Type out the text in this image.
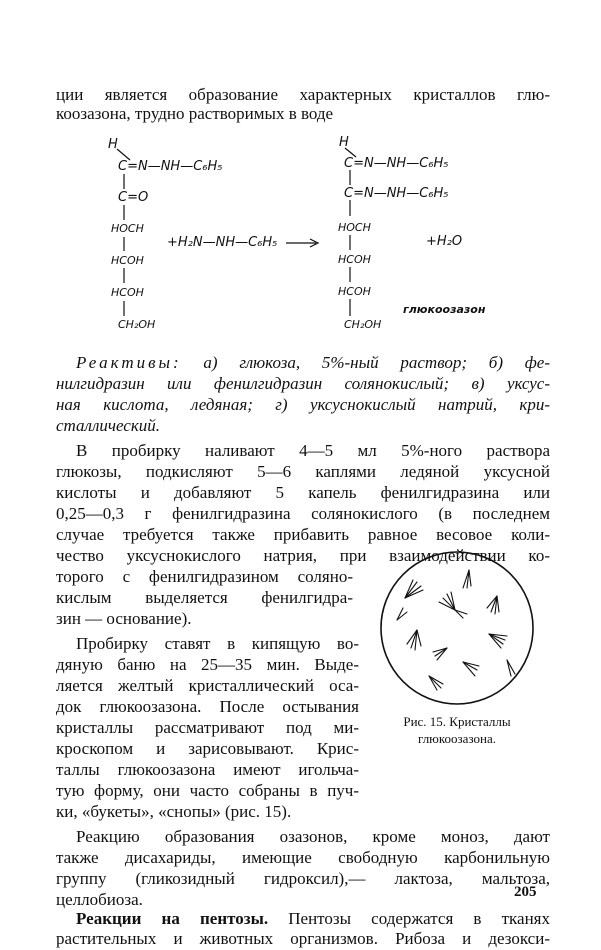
ции является образование характерных кристаллов глю-
коозазона, трудно растворимых в воде
H
C=N—NH—C₆H₅
C=O
HOCH
HCOH
HCOH
CH₂OH
+H₂N—NH—C₆H₅
H
C=N—NH—C₆H₅
C=N—NH—C₆H₅
HOCH
HCOH
HCOH
CH₂OH
+H₂O
глюкоозазон
Реактивы: а) глюкоза, 5%-ный раствор; б) фе-
нилгидразин или фенилгидразин солянокислый; в) уксус-
ная кислота, ледяная; г) уксуснокислый натрий, кри-
сталлический.
В пробирку наливают 4—5 мл 5%-ного раствора
глюкозы, подкисляют 5—6 каплями ледяной уксусной
кислоты и добавляют 5 капель фенилгидразина или
0,25—0,3 г фенилгидразина солянокислого (в последнем
случае требуется также прибавить равное весовое коли-
чество уксуснокислого натрия, при взаимодействии ко-
торого с фенилгидразином соляно-
кислым выделяется фенилгидра-
зин — основание).
Пробирку ставят в кипящую во-
дяную баню на 25—35 мин. Выде-
ляется желтый кристаллический оса-
док глюкоозазона. После остывания
кристаллы рассматривают под ми-
кроскопом и зарисовывают. Крис-
таллы глюкоозазона имеют игольча-
тую форму, они часто собраны в пуч-
ки, «букеты», «снопы» (рис. 15).
Рис. 15. Кристаллы
глюкоозазона.
Реакцию образования озазонов, кроме моноз, дают
также дисахариды, имеющие свободную карбонильную
группу (гликозидный гидроксил),— лактоза, мальтоза,
целлобиоза.
Реакции на пентозы. Пентозы содержатся в тканях
растительных и животных организмов. Рибоза и дезокси-
205
